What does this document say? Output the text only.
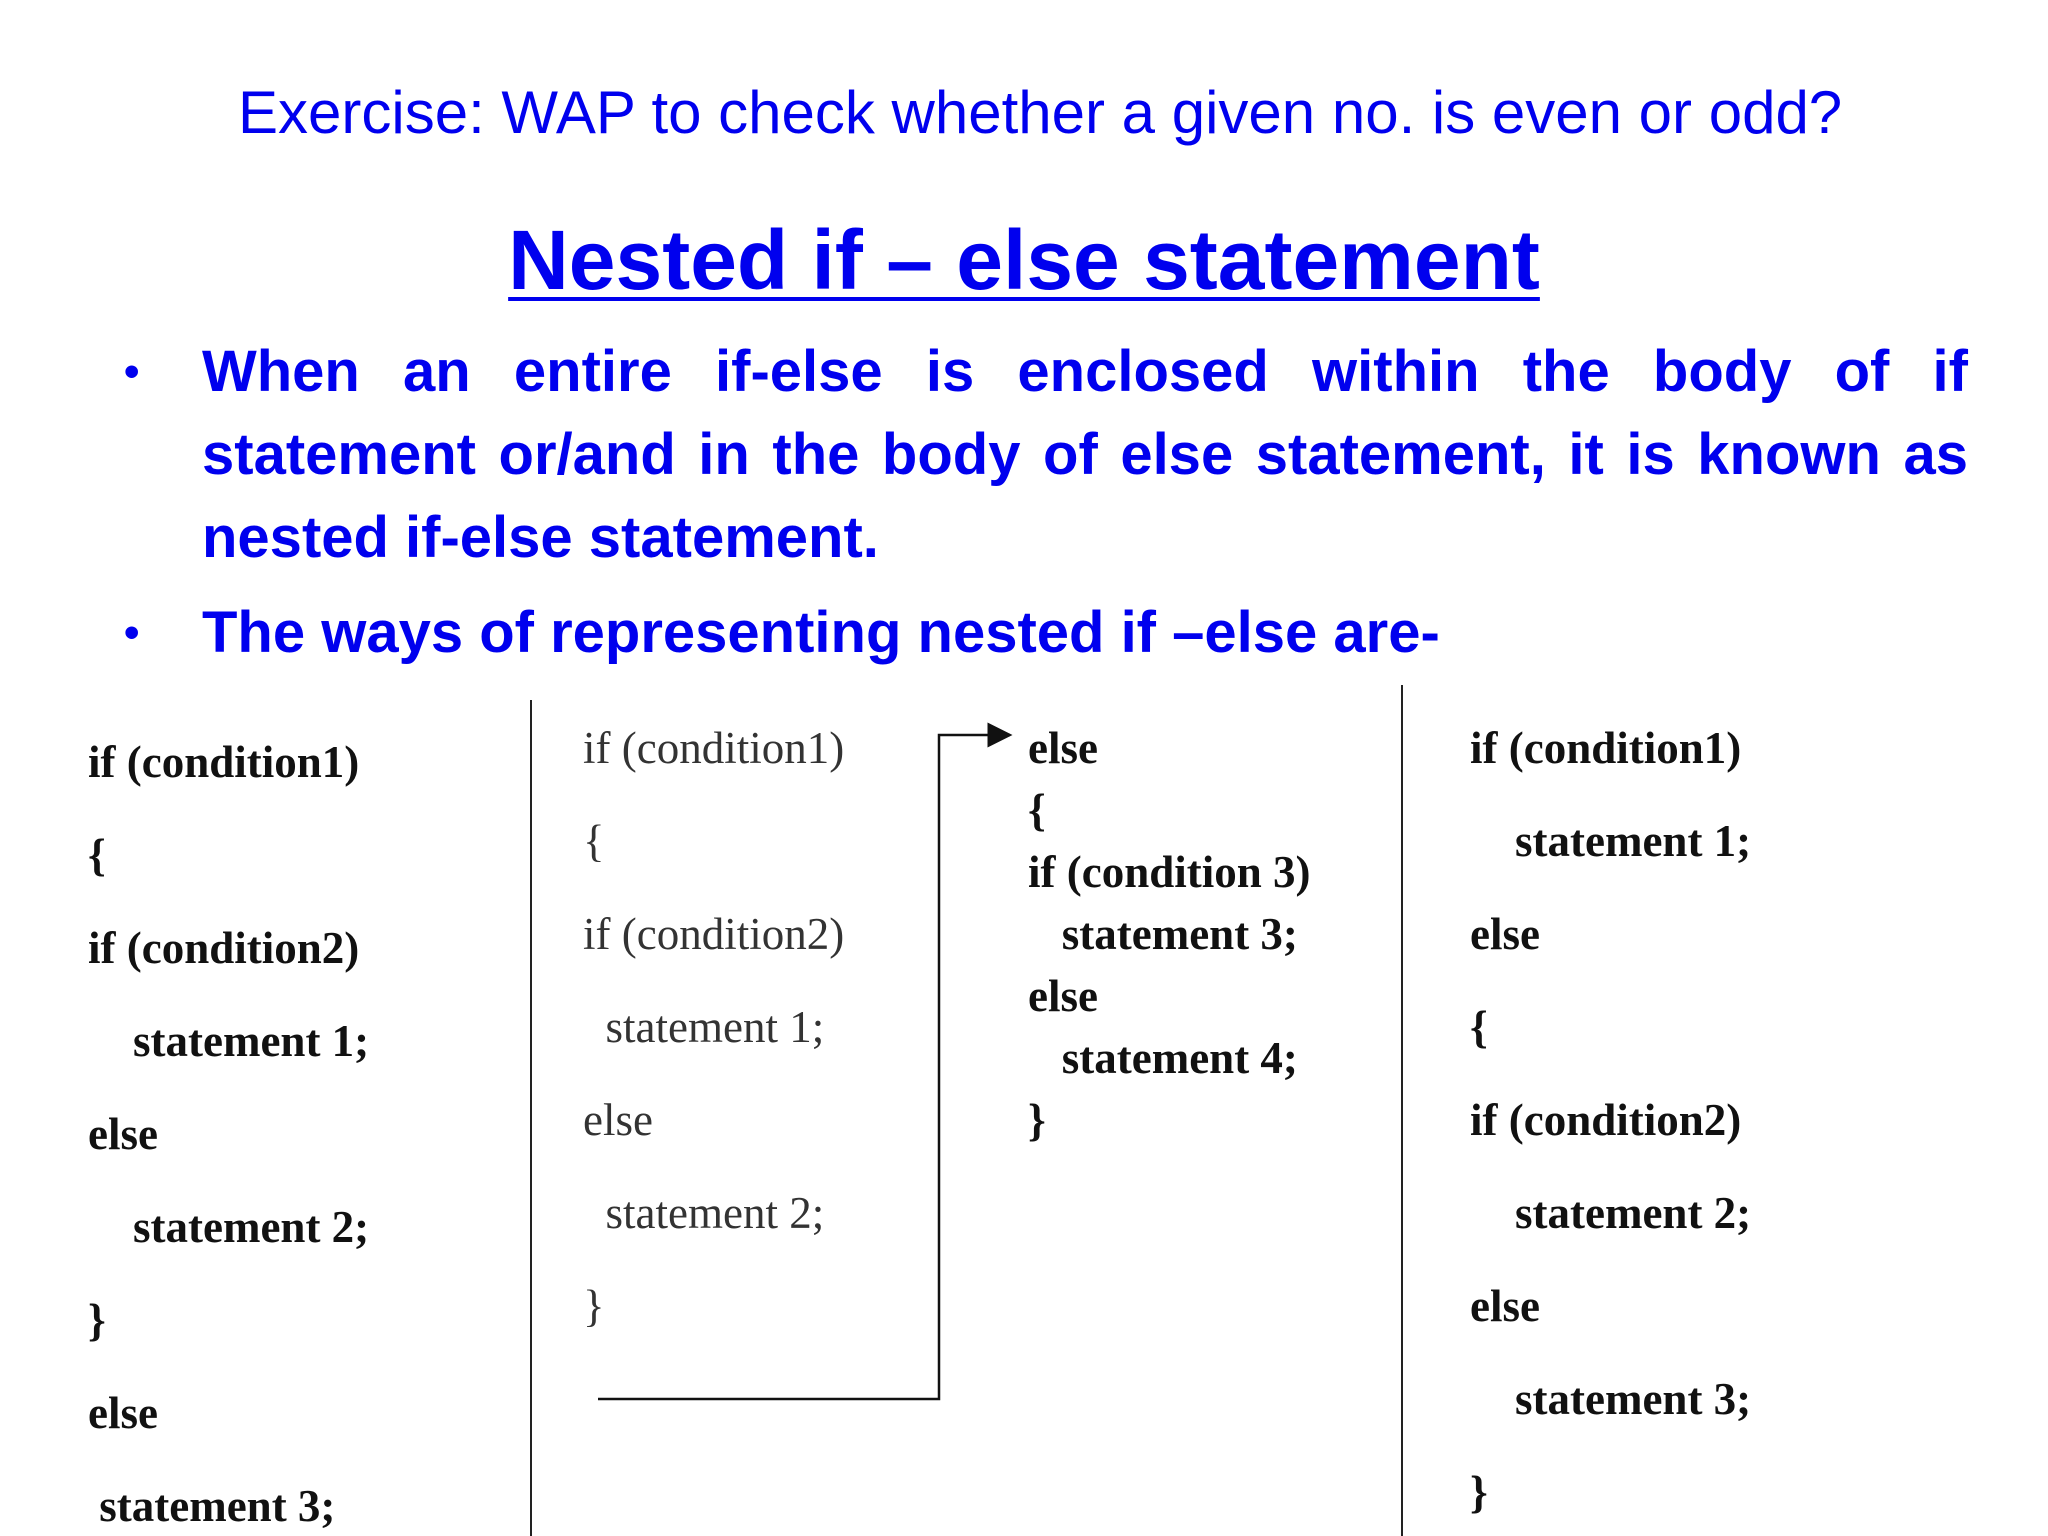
Exercise: WAP to check whether a given no. is even or odd?
Nested if – else statement
• When an entire if-else is enclosed within the body of if statement or/and in the body of else statement, it is known as nested if-else statement.
• The ways of representing nested if –else are-
if (condition1)
{
if (condition2)
statement 1;
else
statement 2;
}
else
statement 3;
if (condition1)
{
if (condition2)
statement 1;
else
statement 2;
}
else
{
if (condition 3)
statement 3;
else
statement 4;
}
if (condition1)
statement 1;
else
{
if (condition2)
statement 2;
else
statement 3;
}
